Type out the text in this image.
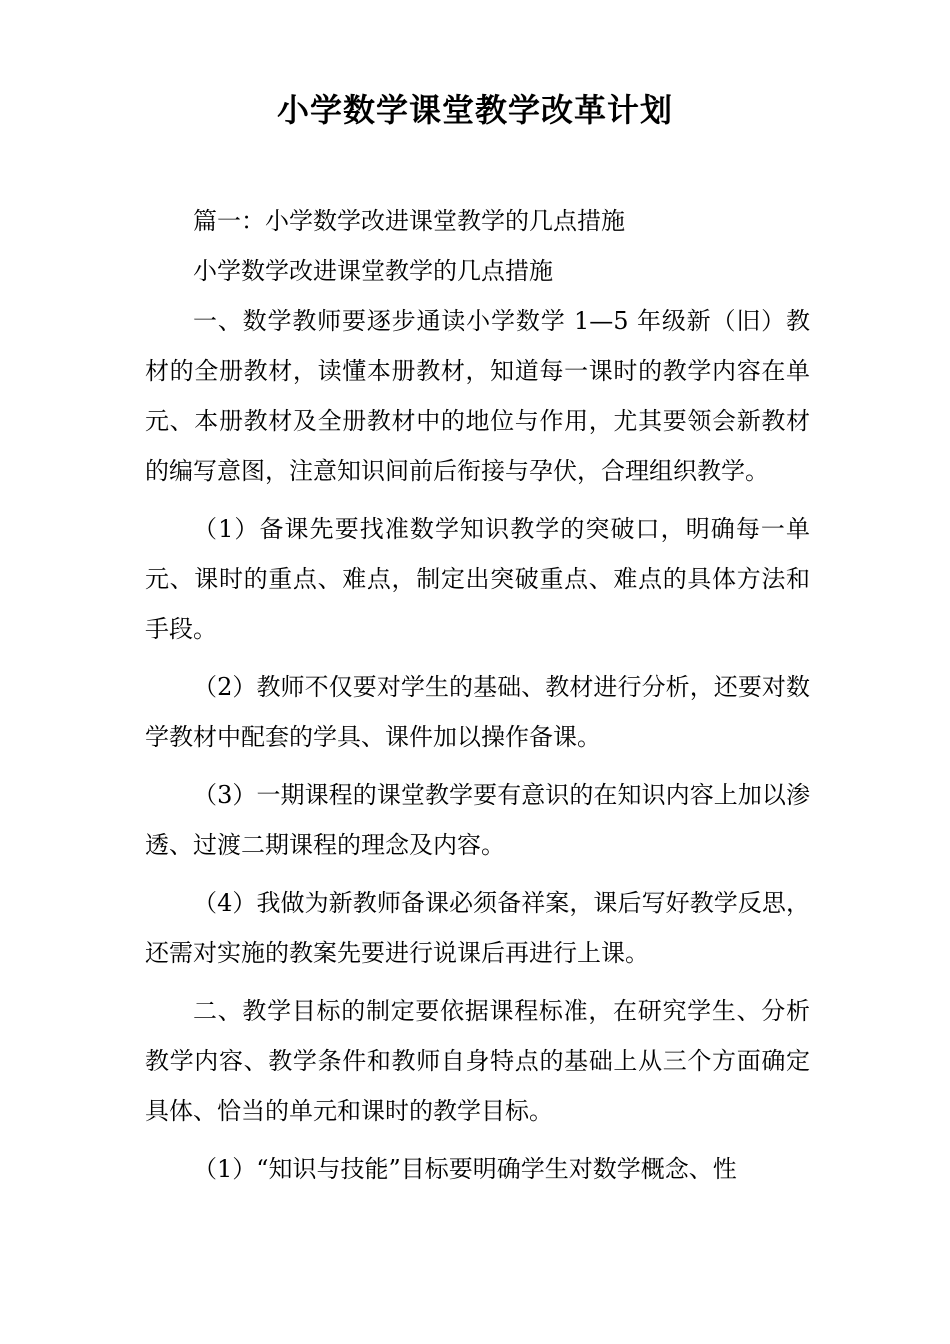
小学数学课堂教学改革计划

篇一：小学数学改进课堂教学的几点措施

小学数学改进课堂教学的几点措施

一、数学教师要逐步通读小学数学 1—5 年级新（旧）教材的全册教材，读懂本册教材，知道每一课时的教学内容在单元、本册教材及全册教材中的地位与作用，尤其要领会新教材的编写意图，注意知识间前后衔接与孕伏，合理组织教学。

（1）备课先要找准数学知识教学的突破口，明确每一单元、课时的重点、难点，制定出突破重点、难点的具体方法和手段。

（2）教师不仅要对学生的基础、教材进行分析，还要对数学教材中配套的学具、课件加以操作备课。

（3）一期课程的课堂教学要有意识的在知识内容上加以渗透、过渡二期课程的理念及内容。

（4）我做为新教师备课必须备祥案，课后写好教学反思，还需对实施的教案先要进行说课后再进行上课。

二、教学目标的制定要依据课程标准，在研究学生、分析教学内容、教学条件和教师自身特点的基础上从三个方面确定具体、恰当的单元和课时的教学目标。

（1）“知识与技能”目标要明确学生对数学概念、性
